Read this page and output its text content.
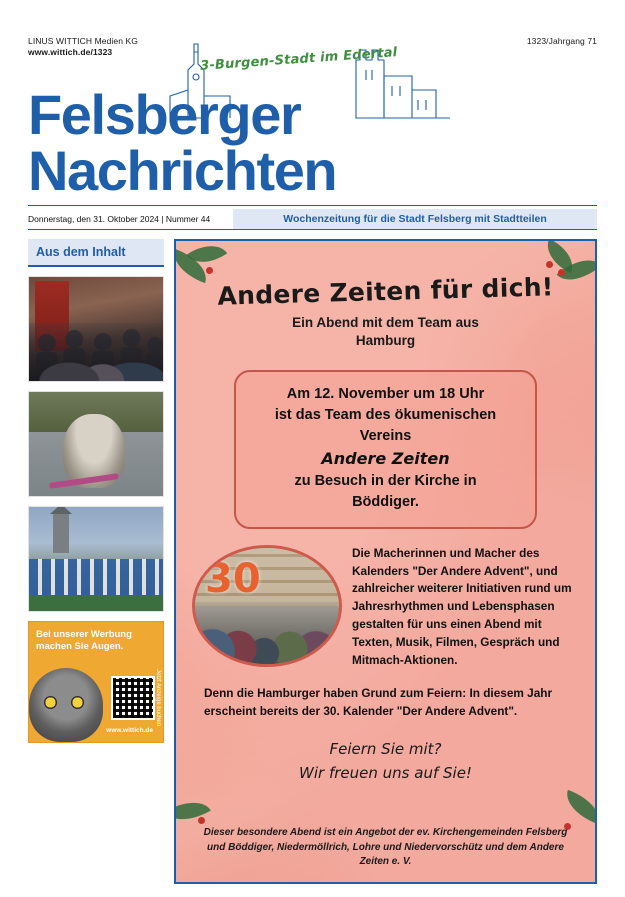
LINUS WITTICH Medien KG
www.wittich.de/1323
1323/Jahrgang 71
3-Burgen-Stadt im Edertal
Felsberger Nachrichten
Donnerstag, den 31. Oktober 2024 | Nummer 44	Wochenzeitung für die Stadt Felsberg mit Stadtteilen
Aus dem Inhalt
Bei unserer Werbung
machen Sie Augen.
www.wittich.de
Jetzt Anzeige buchen
Andere Zeiten für dich!
Ein Abend mit dem Team aus
Hamburg

Am 12. November um 18 Uhr

ist das Team des ökumenischen

Vereins

Andere Zeiten

zu Besuch in der Kirche in

Böddiger.

30
Die Macherinnen und Macher des Kalenders "Der Andere Advent", und zahlreicher weiterer Initiativen rund um Jahresrhythmen und Lebensphasen gestalten für uns einen Abend mit Texten, Musik, Filmen, Gespräch und Mitmach-Aktionen.
Denn die Hamburger haben Grund zum Feiern: In diesem Jahr erscheint bereits der 30. Kalender "Der Andere Advent".
Feiern Sie mit?
Wir freuen uns auf Sie!
Dieser besondere Abend ist ein Angebot der ev. Kirchengemeinden Felsberg und Böddiger, Niedermöllrich, Lohre und Niedervorschütz und dem Andere Zeiten e. V.
